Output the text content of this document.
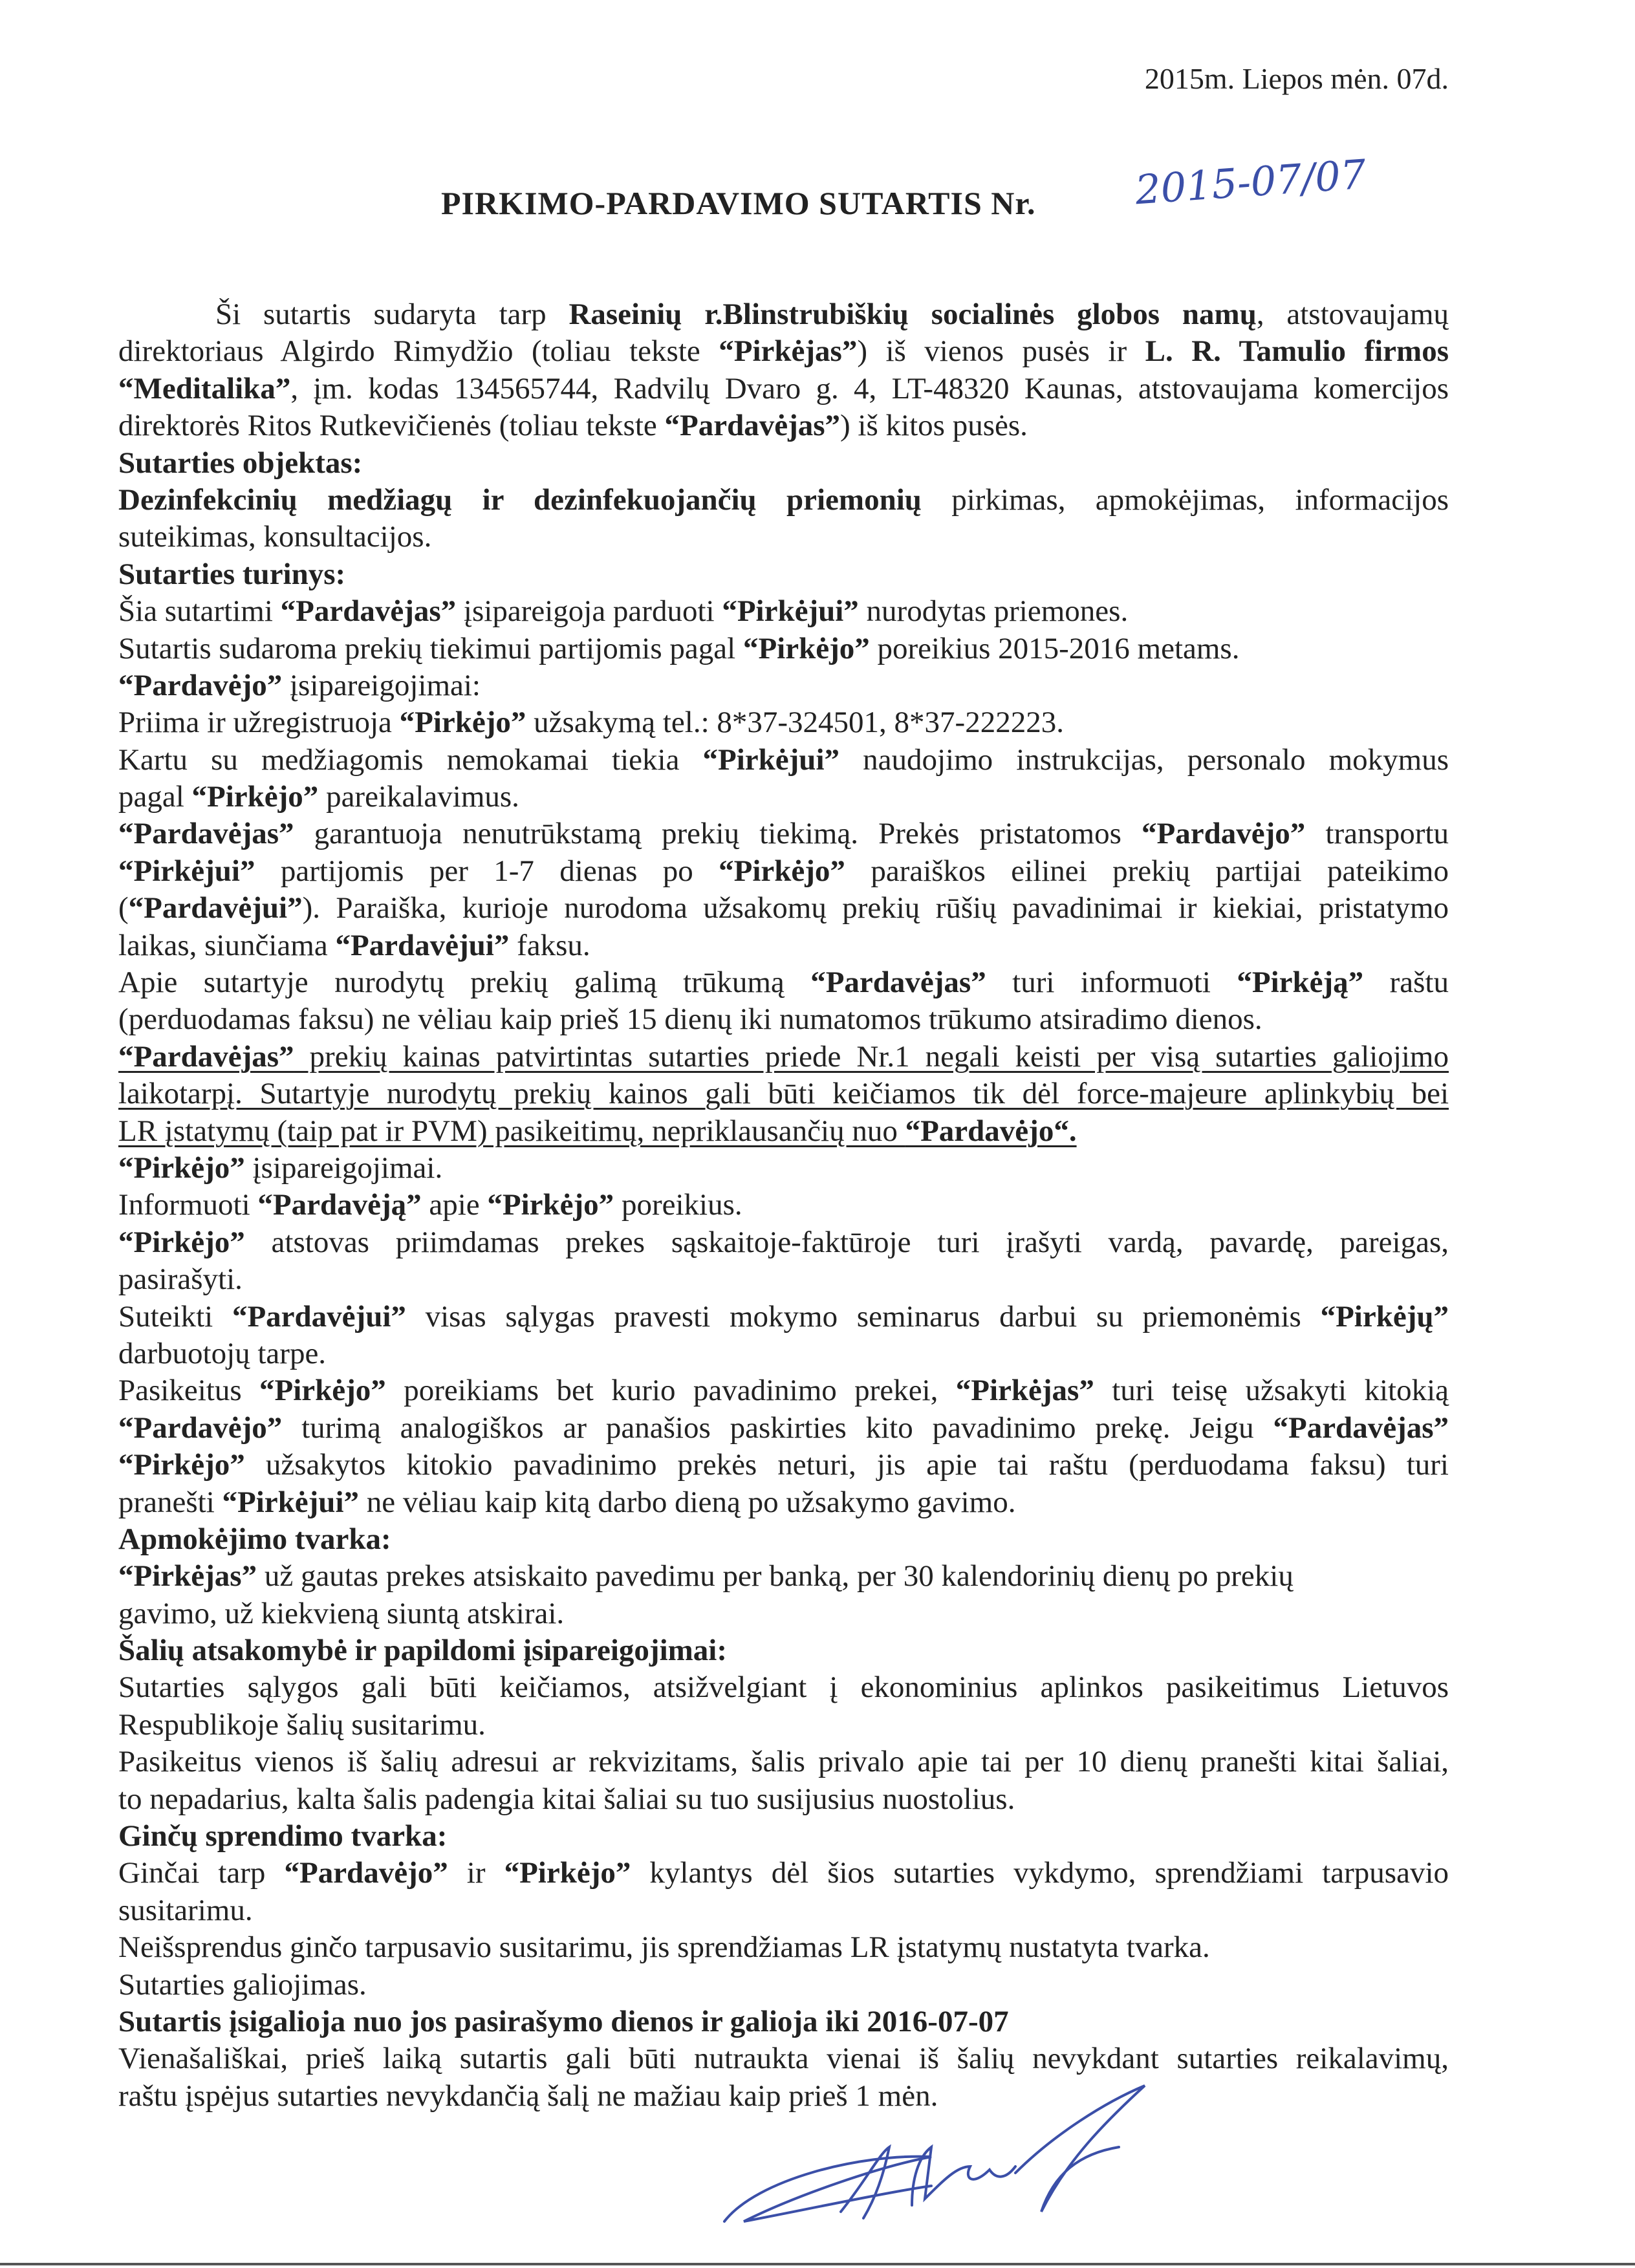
2015m. Liepos mėn. 07d.
PIRKIMO-PARDAVIMO SUTARTIS Nr. 2015-07/07
Ši sutartis sudaryta tarp Raseinių r.Blinstrubiškių socialinės globos namų, atstovaujamų
direktoriaus Algirdo Rimydžio (toliau tekste “Pirkėjas”) iš vienos pusės ir L. R. Tamulio firmos
“Meditalika”, įm. kodas 134565744, Radvilų Dvaro g. 4, LT-48320 Kaunas, atstovaujama komercijos
direktorės Ritos Rutkevičienės (toliau tekste “Pardavėjas”) iš kitos pusės.
Sutarties objektas:
Dezinfekcinių medžiagų ir dezinfekuojančių priemonių pirkimas, apmokėjimas, informacijos
suteikimas, konsultacijos.
Sutarties turinys:
Šia sutartimi “Pardavėjas” įsipareigoja parduoti “Pirkėjui” nurodytas priemones.
Sutartis sudaroma prekių tiekimui partijomis pagal “Pirkėjo” poreikius 2015-2016 metams.
“Pardavėjo” įsipareigojimai:
Priima ir užregistruoja “Pirkėjo” užsakymą tel.: 8*37-324501, 8*37-222223.
Kartu su medžiagomis nemokamai tiekia “Pirkėjui” naudojimo instrukcijas, personalo mokymus
pagal “Pirkėjo” pareikalavimus.
“Pardavėjas” garantuoja nenutrūkstamą prekių tiekimą. Prekės pristatomos “Pardavėjo” transportu
“Pirkėjui” partijomis per 1-7 dienas po “Pirkėjo” paraiškos eilinei prekių partijai pateikimo
(“Pardavėjui”). Paraiška, kurioje nurodoma užsakomų prekių rūšių pavadinimai ir kiekiai, pristatymo
laikas, siunčiama “Pardavėjui” faksu.
Apie sutartyje nurodytų prekių galimą trūkumą “Pardavėjas” turi informuoti “Pirkėją” raštu
(perduodamas faksu) ne vėliau kaip prieš 15 dienų iki numatomos trūkumo atsiradimo dienos.
“Pardavėjas” prekių kainas patvirtintas sutarties priede Nr.1 negali keisti per visą sutarties galiojimo
laikotarpį. Sutartyje nurodytų prekių kainos gali būti keičiamos tik dėl force-majeure aplinkybių bei
LR įstatymų (taip pat ir PVM) pasikeitimų, nepriklausančių nuo “Pardavėjo“.
“Pirkėjo” įsipareigojimai.
Informuoti “Pardavėją” apie “Pirkėjo” poreikius.
“Pirkėjo” atstovas priimdamas prekes sąskaitoje-faktūroje turi įrašyti vardą, pavardę, pareigas,
pasirašyti.
Suteikti “Pardavėjui” visas sąlygas pravesti mokymo seminarus darbui su priemonėmis “Pirkėjų”
darbuotojų tarpe.
Pasikeitus “Pirkėjo” poreikiams bet kurio pavadinimo prekei, “Pirkėjas” turi teisę užsakyti kitokią
“Pardavėjo” turimą analogiškos ar panašios paskirties kito pavadinimo prekę. Jeigu “Pardavėjas”
“Pirkėjo” užsakytos kitokio pavadinimo prekės neturi, jis apie tai raštu (perduodama faksu) turi
pranešti “Pirkėjui” ne vėliau kaip kitą darbo dieną po užsakymo gavimo.
Apmokėjimo tvarka:
“Pirkėjas” už gautas prekes atsiskaito pavedimu per banką, per 30 kalendorinių dienų po prekių
gavimo, už kiekvieną siuntą atskirai.
Šalių atsakomybė ir papildomi įsipareigojimai:
Sutarties sąlygos gali būti keičiamos, atsižvelgiant į ekonominius aplinkos pasikeitimus Lietuvos
Respublikoje šalių susitarimu.
Pasikeitus vienos iš šalių adresui ar rekvizitams, šalis privalo apie tai per 10 dienų pranešti kitai šaliai,
to nepadarius, kalta šalis padengia kitai šaliai su tuo susijusius nuostolius.
Ginčų sprendimo tvarka:
Ginčai tarp “Pardavėjo” ir “Pirkėjo” kylantys dėl šios sutarties vykdymo, sprendžiami tarpusavio
susitarimu.
Neišsprendus ginčo tarpusavio susitarimu, jis sprendžiamas LR įstatymų nustatyta tvarka.
Sutarties galiojimas.
Sutartis įsigalioja nuo jos pasirašymo dienos ir galioja iki 2016-07-07
Vienašališkai, prieš laiką sutartis gali būti nutraukta vienai iš šalių nevykdant sutarties reikalavimų,
raštu įspėjus sutarties nevykdančią šalį ne mažiau kaip prieš 1 mėn.
